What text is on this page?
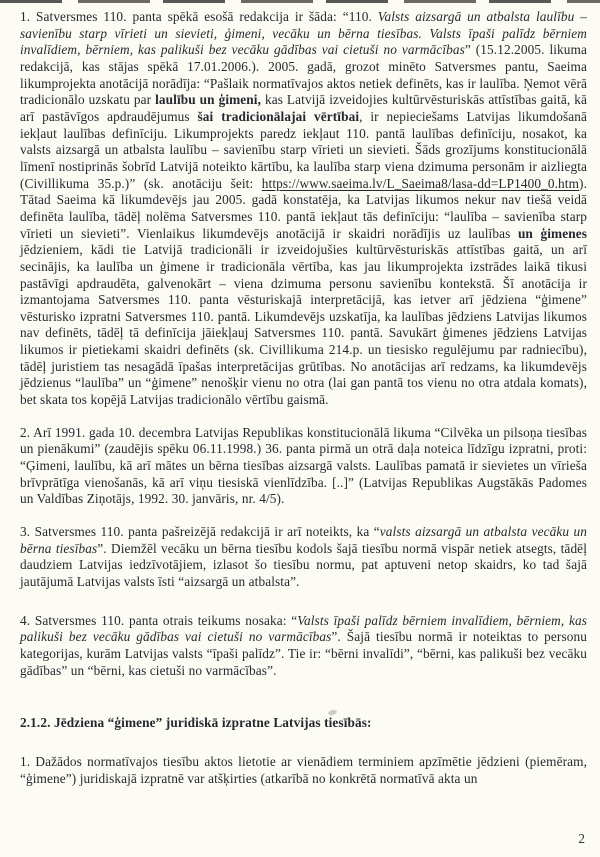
1. Satversmes 110. panta spēkā esošā redakcija ir šāda: “110. Valsts aizsargā un atbalsta laulību – savienību starp vīrieti un sievieti, ģimeni, vecāku un bērna tiesības. Valsts īpaši palīdz bērniem invalīdiem, bērniem, kas palikuši bez vecāku gādības vai cietuši no varmācības” (15.12.2005. likuma redakcijā, kas stājas spēkā 17.01.2006.). 2005. gadā, grozot minēto Satversmes pantu, Saeima likumprojekta anotācijā norādīja: “Pašlaik normatīvajos aktos netiek definēts, kas ir laulība. Ņemot vērā tradicionālo uzskatu par laulību un ģimeni, kas Latvijā izveidojies kultūrvēsturiskās attīstības gaitā, kā arī pastāvīgos apdraudējumus šai tradicionālajai vērtībai, ir nepieciešams Latvijas likumdošanā iekļaut laulības definīciju. Likumprojekts paredz iekļaut 110. pantā laulības definīciju, nosakot, ka valsts aizsargā un atbalsta laulību – savienību starp vīrieti un sievieti. Šāds grozījums konstitucionālā līmenī nostiprinās šobrīd Latvijā noteikto kārtību, ka laulība starp viena dzimuma personām ir aizliegta (Civillikuma 35.p.)” (sk. anotāciju šeit: https://www.saeima.lv/L_Saeima8/lasa-dd=LP1400_0.htm). Tātad Saeima kā likumdevējs jau 2005. gadā konstatēja, ka Latvijas likumos nekur nav tiešā veidā definēta laulība, tādēļ nolēma Satversmes 110. pantā iekļaut tās definīciju: “laulība – savienība starp vīrieti un sievieti”. Vienlaikus likumdevējs anotācijā ir skaidri norādījis uz laulības un ģimenes jēdzieniem, kādi tie Latvijā tradicionāli ir izveidojušies kultūrvēsturiskās attīstības gaitā, un arī secinājis, ka laulība un ģimene ir tradicionāla vērtība, kas jau likumprojekta izstrādes laikā tikusi pastāvīgi apdraudēta, galvenokārt – viena dzimuma personu savienību kontekstā. Šī anotācija ir izmantojama Satversmes 110. panta vēsturiskajā interpretācijā, kas ietver arī jēdziena “ģimene” vēsturisko izpratni Satversmes 110. pantā. Likumdevējs uzskatīja, ka laulības jēdziens Latvijas likumos nav definēts, tādēļ tā definīcija jāiekļauj Satversmes 110. pantā. Savukārt ģimenes jēdziens Latvijas likumos ir pietiekami skaidri definēts (sk. Civillikuma 214.p. un tiesisko regulējumu par radniecību), tādēļ juristiem tas nesagādā īpašas interpretācijas grūtības. No anotācijas arī redzams, ka likumdevējs jēdzienus “laulība” un “ģimene” nenošķir vienu no otra (lai gan pantā tos vienu no otra atdala komats), bet skata tos kopējā Latvijas tradicionālo vērtību gaismā.

2. Arī 1991. gada 10. decembra Latvijas Republikas konstitucionālā likuma “Cilvēka un pilsoņa tiesības un pienākumi” (zaudējis spēku 06.11.1998.) 36. panta pirmā un otrā daļa noteica līdzīgu izpratni, proti: “Ģimeni, laulību, kā arī mātes un bērna tiesības aizsargā valsts. Laulības pamatā ir sievietes un vīrieša brīvprātīga vienošanās, kā arī viņu tiesiskā vienlīdzība. [..]” (Latvijas Republikas Augstākās Padomes un Valdības Ziņotājs, 1992. 30. janvāris, nr. 4/5).

3. Satversmes 110. panta pašreizējā redakcijā ir arī noteikts, ka “valsts aizsargā un atbalsta vecāku un bērna tiesības”. Diemžēl vecāku un bērna tiesību kodols šajā tiesību normā vispār netiek atsegts, tādēļ daudziem Latvijas iedzīvotājiem, izlasot šo tiesību normu, pat aptuveni netop skaidrs, ko tad šajā jautājumā Latvijas valsts īsti “aizsargā un atbalsta”.

4. Satversmes 110. panta otrais teikums nosaka: “Valsts īpaši palīdz bērniem invalīdiem, bērniem, kas palikuši bez vecāku gādības vai cietuši no varmācības”. Šajā tiesību normā ir noteiktas to personu kategorijas, kurām Latvijas valsts “īpaši palīdz”. Tie ir: “bērni invalīdi”, “bērni, kas palikuši bez vecāku gādības” un “bērni, kas cietuši no varmācības”.

2.1.2. Jēdziena “ģimene” juridiskā izpratne Latvijas tiesībās:

1. Dažādos normatīvajos tiesību aktos lietotie ar vienādiem terminiem apzīmētie jēdzieni (piemēram, “ģimene”) juridiskajā izpratnē var atšķirties (atkarībā no konkrētā normatīvā akta un

2
